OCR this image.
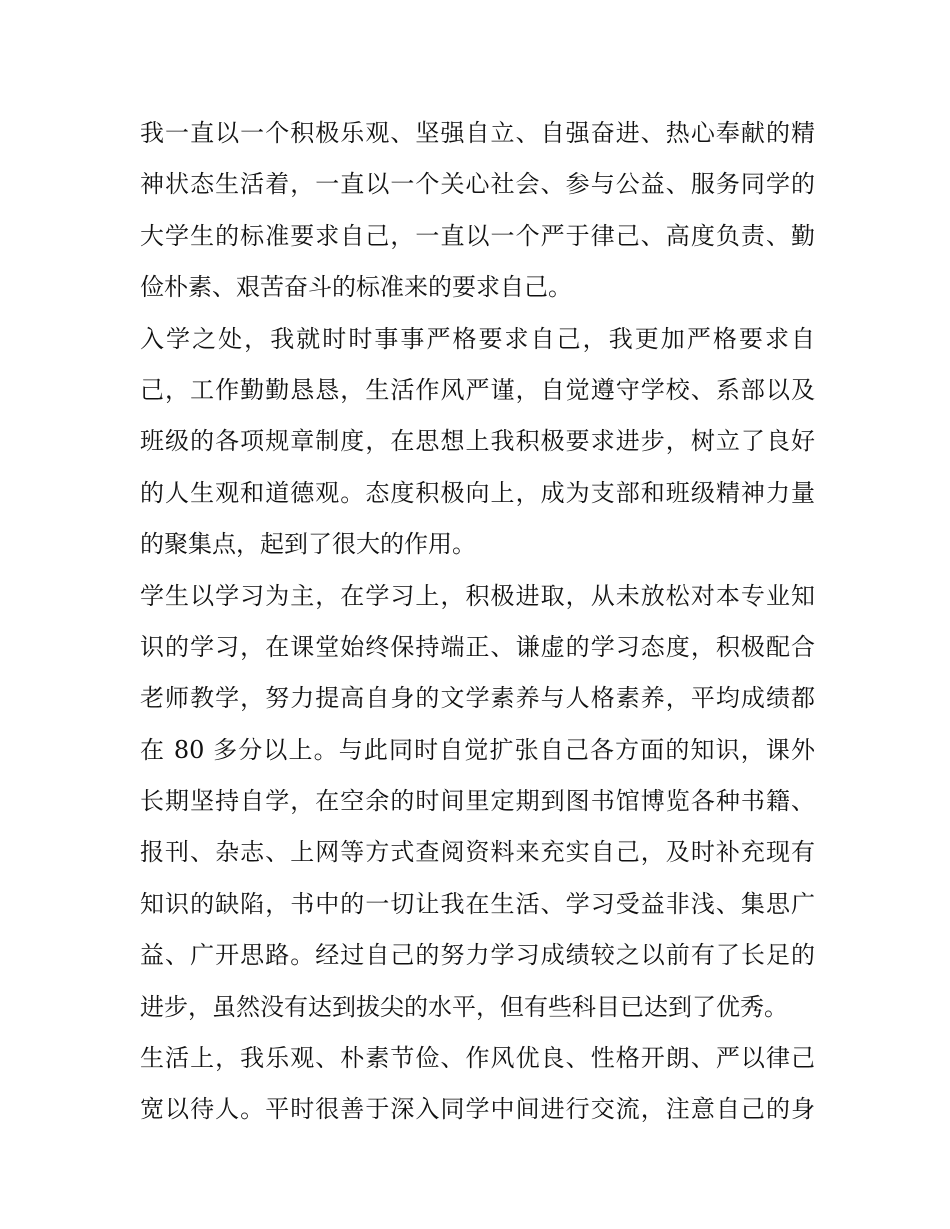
我一直以一个积极乐观、坚强自立、自强奋进、热心奉献的精
神状态生活着，一直以一个关心社会、参与公益、服务同学的
大学生的标准要求自己，一直以一个严于律己、高度负责、勤
俭朴素、艰苦奋斗的标准来的要求自己。
入学之处，我就时时事事严格要求自己，我更加严格要求自
己，工作勤勤恳恳，生活作风严谨，自觉遵守学校、系部以及
班级的各项规章制度，在思想上我积极要求进步，树立了良好
的人生观和道德观。态度积极向上，成为支部和班级精神力量
的聚集点，起到了很大的作用。
学生以学习为主，在学习上，积极进取，从未放松对本专业知
识的学习，在课堂始终保持端正、谦虚的学习态度，积极配合
老师教学，努力提高自身的文学素养与人格素养，平均成绩都
在 80 多分以上。与此同时自觉扩张自己各方面的知识，课外
长期坚持自学，在空余的时间里定期到图书馆博览各种书籍、
报刊、杂志、上网等方式查阅资料来充实自己，及时补充现有
知识的缺陷，书中的一切让我在生活、学习受益非浅、集思广
益、广开思路。经过自己的努力学习成绩较之以前有了长足的
进步，虽然没有达到拔尖的水平，但有些科目已达到了优秀。
生活上，我乐观、朴素节俭、作风优良、性格开朗、严以律己
宽以待人。平时很善于深入同学中间进行交流，注意自己的身
